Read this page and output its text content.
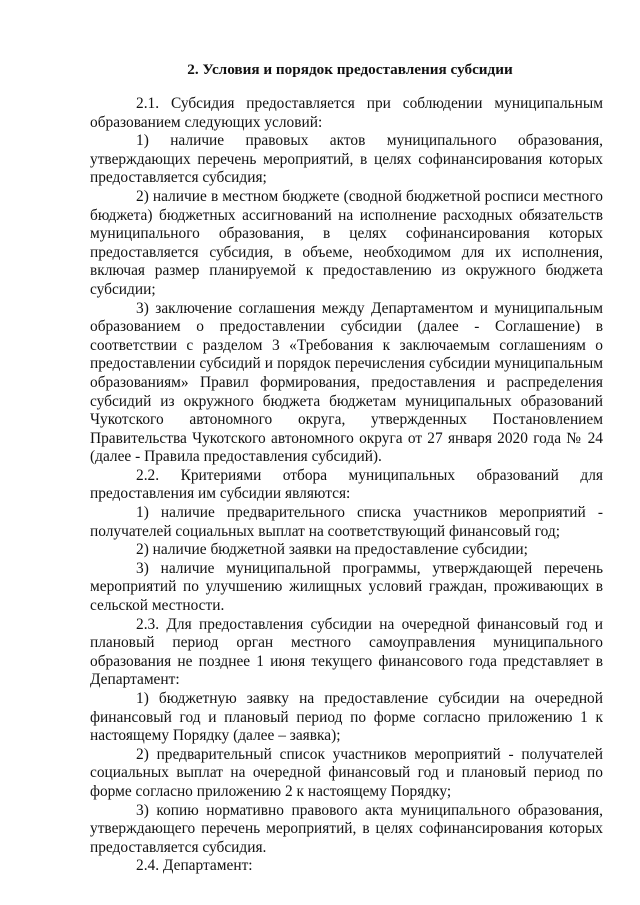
2. Условия и порядок предоставления субсидии

2.1. Субсидия предоставляется при соблюдении муниципальным образованием следующих условий:

1) наличие правовых актов муниципального образования, утверждающих перечень мероприятий, в целях софинансирования которых предоставляется субсидия;

2) наличие в местном бюджете (сводной бюджетной росписи местного бюджета) бюджетных ассигнований на исполнение расходных обязательств муниципального образования, в целях софинансирования которых предоставляется субсидия, в объеме, необходимом для их исполнения, включая размер планируемой к предоставлению из окружного бюджета субсидии;

3) заключение соглашения между Департаментом и муниципальным образованием о предоставлении субсидии (далее - Соглашение) в соответствии с разделом 3 «Требования к заключаемым соглашениям о предоставлении субсидий и порядок перечисления субсидии муниципальным образованиям» Правил формирования, предоставления и распределения субсидий из окружного бюджета бюджетам муниципальных образований Чукотского автономного округа, утвержденных Постановлением Правительства Чукотского автономного округа от 27 января 2020 года № 24 (далее - Правила предоставления субсидий).

2.2. Критериями отбора муниципальных образований для предоставления им субсидии являются:

1) наличие предварительного списка участников мероприятий - получателей социальных выплат на соответствующий финансовый год;

2) наличие бюджетной заявки на предоставление субсидии;

3) наличие муниципальной программы, утверждающей перечень мероприятий по улучшению жилищных условий граждан, проживающих в сельской местности.

2.3. Для предоставления субсидии на очередной финансовый год и плановый период орган местного самоуправления муниципального образования не позднее 1 июня текущего финансового года представляет в Департамент:

1) бюджетную заявку на предоставление субсидии на очередной финансовый год и плановый период по форме согласно приложению 1 к настоящему Порядку (далее – заявка);

2) предварительный список участников мероприятий - получателей социальных выплат на очередной финансовый год и плановый период по форме согласно приложению 2 к настоящему Порядку;

3) копию нормативно правового акта муниципального образования, утверждающего перечень мероприятий, в целях софинансирования которых предоставляется субсидия.

2.4. Департамент:
